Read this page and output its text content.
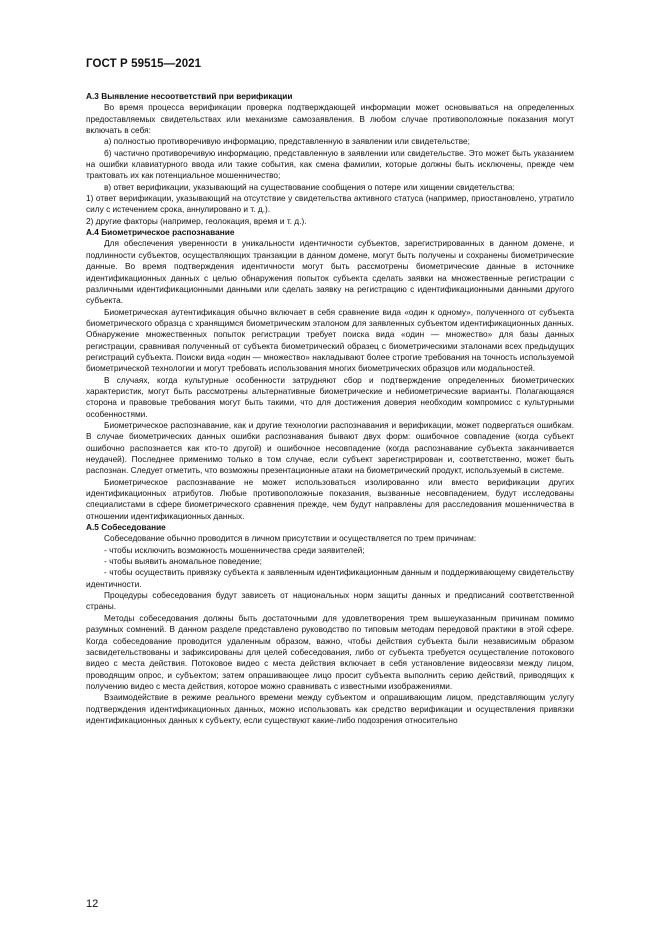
ГОСТ Р 59515—2021

А.3 Выявление несоответствий при верификации

Во время процесса верификации проверка подтверждающей информации может основываться на определенных предоставляемых свидетельствах или механизме самозаявления. В любом случае противоположные показания могут включать в себя:

а) полностью противоречивую информацию, представленную в заявлении или свидетельстве;

б) частично противоречивую информацию, представленную в заявлении или свидетельстве. Это может быть указанием на ошибки клавиатурного ввода или такие события, как смена фамилии, которые должны быть исключены, прежде чем трактовать их как потенциальное мошенничество;

в) ответ верификации, указывающий на существование сообщения о потере или хищении свидетельства:

1) ответ верификации, указывающий на отсутствие у свидетельства активного статуса (например, приостановлено, утратило силу с истечением срока, аннулировано и т. д.).

2) другие факторы (например, геолокация, время и т. д.).

А.4 Биометрическое распознавание

Для обеспечения уверенности в уникальности идентичности субъектов, зарегистрированных в данном домене, и подлинности субъектов, осуществляющих транзакции в данном домене, могут быть получены и сохранены биометрические данные. Во время подтверждения идентичности могут быть рассмотрены биометрические данные в источнике идентификационных данных с целью обнаружения попыток субъекта сделать заявки на множественные регистрации с различными идентификационными данными или сделать заявку на регистрацию с идентификационными данными другого субъекта.

Биометрическая аутентификация обычно включает в себя сравнение вида «один к одному», полученного от субъекта биометрического образца с хранящимся биометрическим эталоном для заявленных субъектом идентификационных данных. Обнаружение множественных попыток регистрации требует поиска вида «один — множество» для базы данных регистрации, сравнивая полученный от субъекта биометрический образец с биометрическими эталонами всех предыдущих регистраций субъекта. Поиски вида «один — множество» накладывают более строгие требования на точность используемой биометрической технологии и могут требовать использования многих биометрических образцов или модальностей.

В случаях, когда культурные особенности затрудняют сбор и подтверждение определенных биометрических характеристик, могут быть рассмотрены альтернативные биометрические и небиометрические варианты. Полагающаяся сторона и правовые требования могут быть такими, что для достижения доверия необходим компромисс с культурными особенностями.

Биометрическое распознавание, как и другие технологии распознавания и верификации, может подвергаться ошибкам. В случае биометрических данных ошибки распознавания бывают двух форм: ошибочное совпадение (когда субъект ошибочно распознается как кто-то другой) и ошибочное несовпадение (когда распознавание субъекта заканчивается неудачей). Последнее применимо только в том случае, если субъект зарегистрирован и, соответственно, может быть распознан. Следует отметить, что возможны презентационные атаки на биометрический продукт, используемый в системе.

Биометрическое распознавание не может использоваться изолированно или вместо верификации других идентификационных атрибутов. Любые противоположные показания, вызванные несовпадением, будут исследованы специалистами в сфере биометрического сравнения прежде, чем будут направлены для расследования мошенничества в отношении идентификационных данных.

А.5 Собеседование

Собеседование обычно проводится в личном присутствии и осуществляется по трем причинам:

- чтобы исключить возможность мошенничества среди заявителей;

- чтобы выявить аномальное поведение;

- чтобы осуществить привязку субъекта к заявленным идентификационным данным и поддерживающему свидетельству идентичности.

Процедуры собеседования будут зависеть от национальных норм защиты данных и предписаний соответственной страны.

Методы собеседования должны быть достаточными для удовлетворения трем вышеуказанным причинам помимо разумных сомнений. В данном разделе представлено руководство по типовым методам передовой практики в этой сфере. Когда собеседование проводится удаленным образом, важно, чтобы действия субъекта были независимым образом засвидетельствованы и зафиксированы для целей собеседования, либо от субъекта требуется осуществление потокового видео с места действия. Потоковое видео с места действия включает в себя установление видеосвязи между лицом, проводящим опрос, и субъектом; затем опрашивающее лицо просит субъекта выполнить серию действий, приводящих к получению видео с места действия, которое можно сравнивать с известными изображениями.

Взаимодействие в режиме реального времени между субъектом и опрашивающим лицом, представляющим услугу подтверждения идентификационных данных, можно использовать как средство верификации и осуществления привязки идентификационных данных к субъекту, если существуют какие-либо подозрения относительно

12
